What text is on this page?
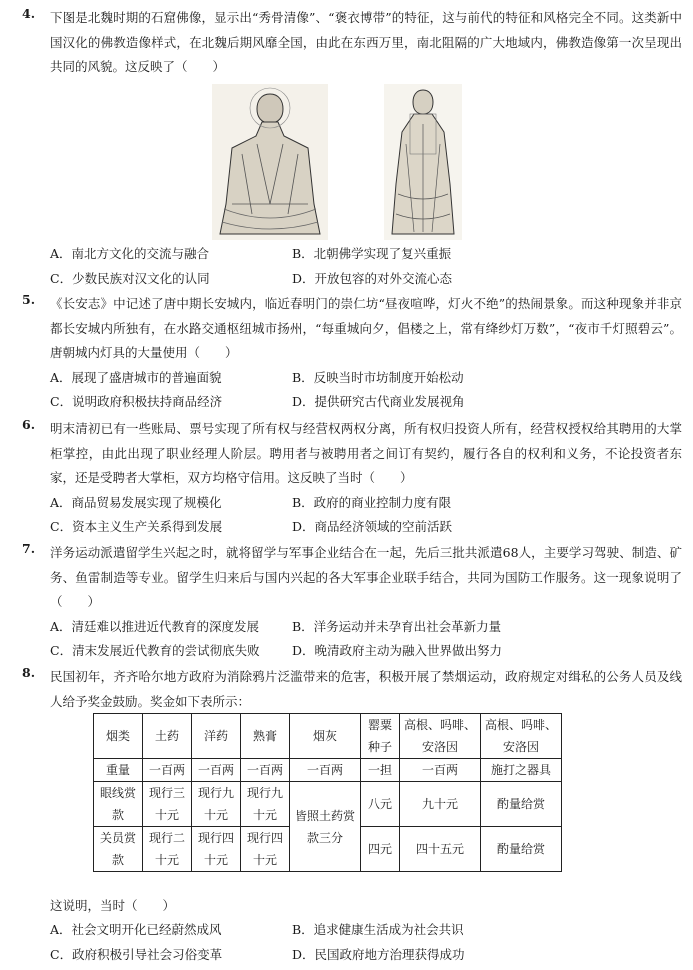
4.	下图是北魏时期的石窟佛像，显示出“秀骨清像”、“褒衣博带”的特征，这与前代的特征和风格完全不同。这类新中国汉化的佛教造像样式，在北魏后期风靡全国，由此在东西万里，南北阻隔的广大地域内，佛教造像第一次呈现出共同的风貌。这反映了（　　）
A．南北方文化的交流与融合	B．北朝佛学实现了复兴重振
C．少数民族对汉文化的认同	D．开放包容的对外交流心态
5.	《长安志》中记述了唐中期长安城内，临近春明门的崇仁坊“昼夜喧哗，灯火不绝”的热闹景象。而这种现象并非京都长安城内所独有，在水路交通枢纽城市扬州，“每重城向夕，倡楼之上，常有绛纱灯万数”，“夜市千灯照碧云”。唐朝城内灯具的大量使用（　　）
A．展现了盛唐城市的普遍面貌	B．反映当时市坊制度开始松动
C．说明政府积极扶持商品经济	D．提供研究古代商业发展视角
6.	明末清初已有一些账局、票号实现了所有权与经营权两权分离，所有权归投资人所有，经营权授权给其聘用的大掌柜掌控，由此出现了职业经理人阶层。聘用者与被聘用者之间订有契约，履行各自的权利和义务，不论投资者东家，还是受聘者大掌柜，双方均格守信用。这反映了当时（　　）
A．商品贸易发展实现了规模化	B．政府的商业控制力度有限
C．资本主义生产关系得到发展	D．商品经济领域的空前活跃
7.	洋务运动派遣留学生兴起之时，就将留学与军事企业结合在一起，先后三批共派遣68人，主要学习驾驶、制造、矿务、鱼雷制造等专业。留学生归来后与国内兴起的各大军事企业联手结合，共同为国防工作服务。这一现象说明了（　　）
A．清廷难以推进近代教育的深度发展	B．洋务运动并未孕育出社会革新力量
C．清末发展近代教育的尝试彻底失败	D．晚清政府主动为融入世界做出努力
8.	民国初年，齐齐哈尔地方政府为消除鸦片泛滥带来的危害，积极开展了禁烟运动，政府规定对缉私的公务人员及线人给予奖金鼓励。奖金如下表所示：
烟类	土药	洋药	熟膏	烟灰	罂粟种子	高根、吗啡、安洛因	高根、吗啡、安洛因
重量	一百两	一百两	一百两	一百两	一担	一百两	施打之器具
眼线赏款	现行三十元	现行九十元	现行九十元	皆照土药赏款三分	八元	九十元	酌量给赏
关员赏款	现行二十元	现行四十元	现行四十元		四元	四十五元	酌量给赏
这说明，当时（　　）
A．社会文明开化已经蔚然成风	B．追求健康生活成为社会共识
C．政府积极引导社会习俗变革	D．民国政府地方治理获得成功
